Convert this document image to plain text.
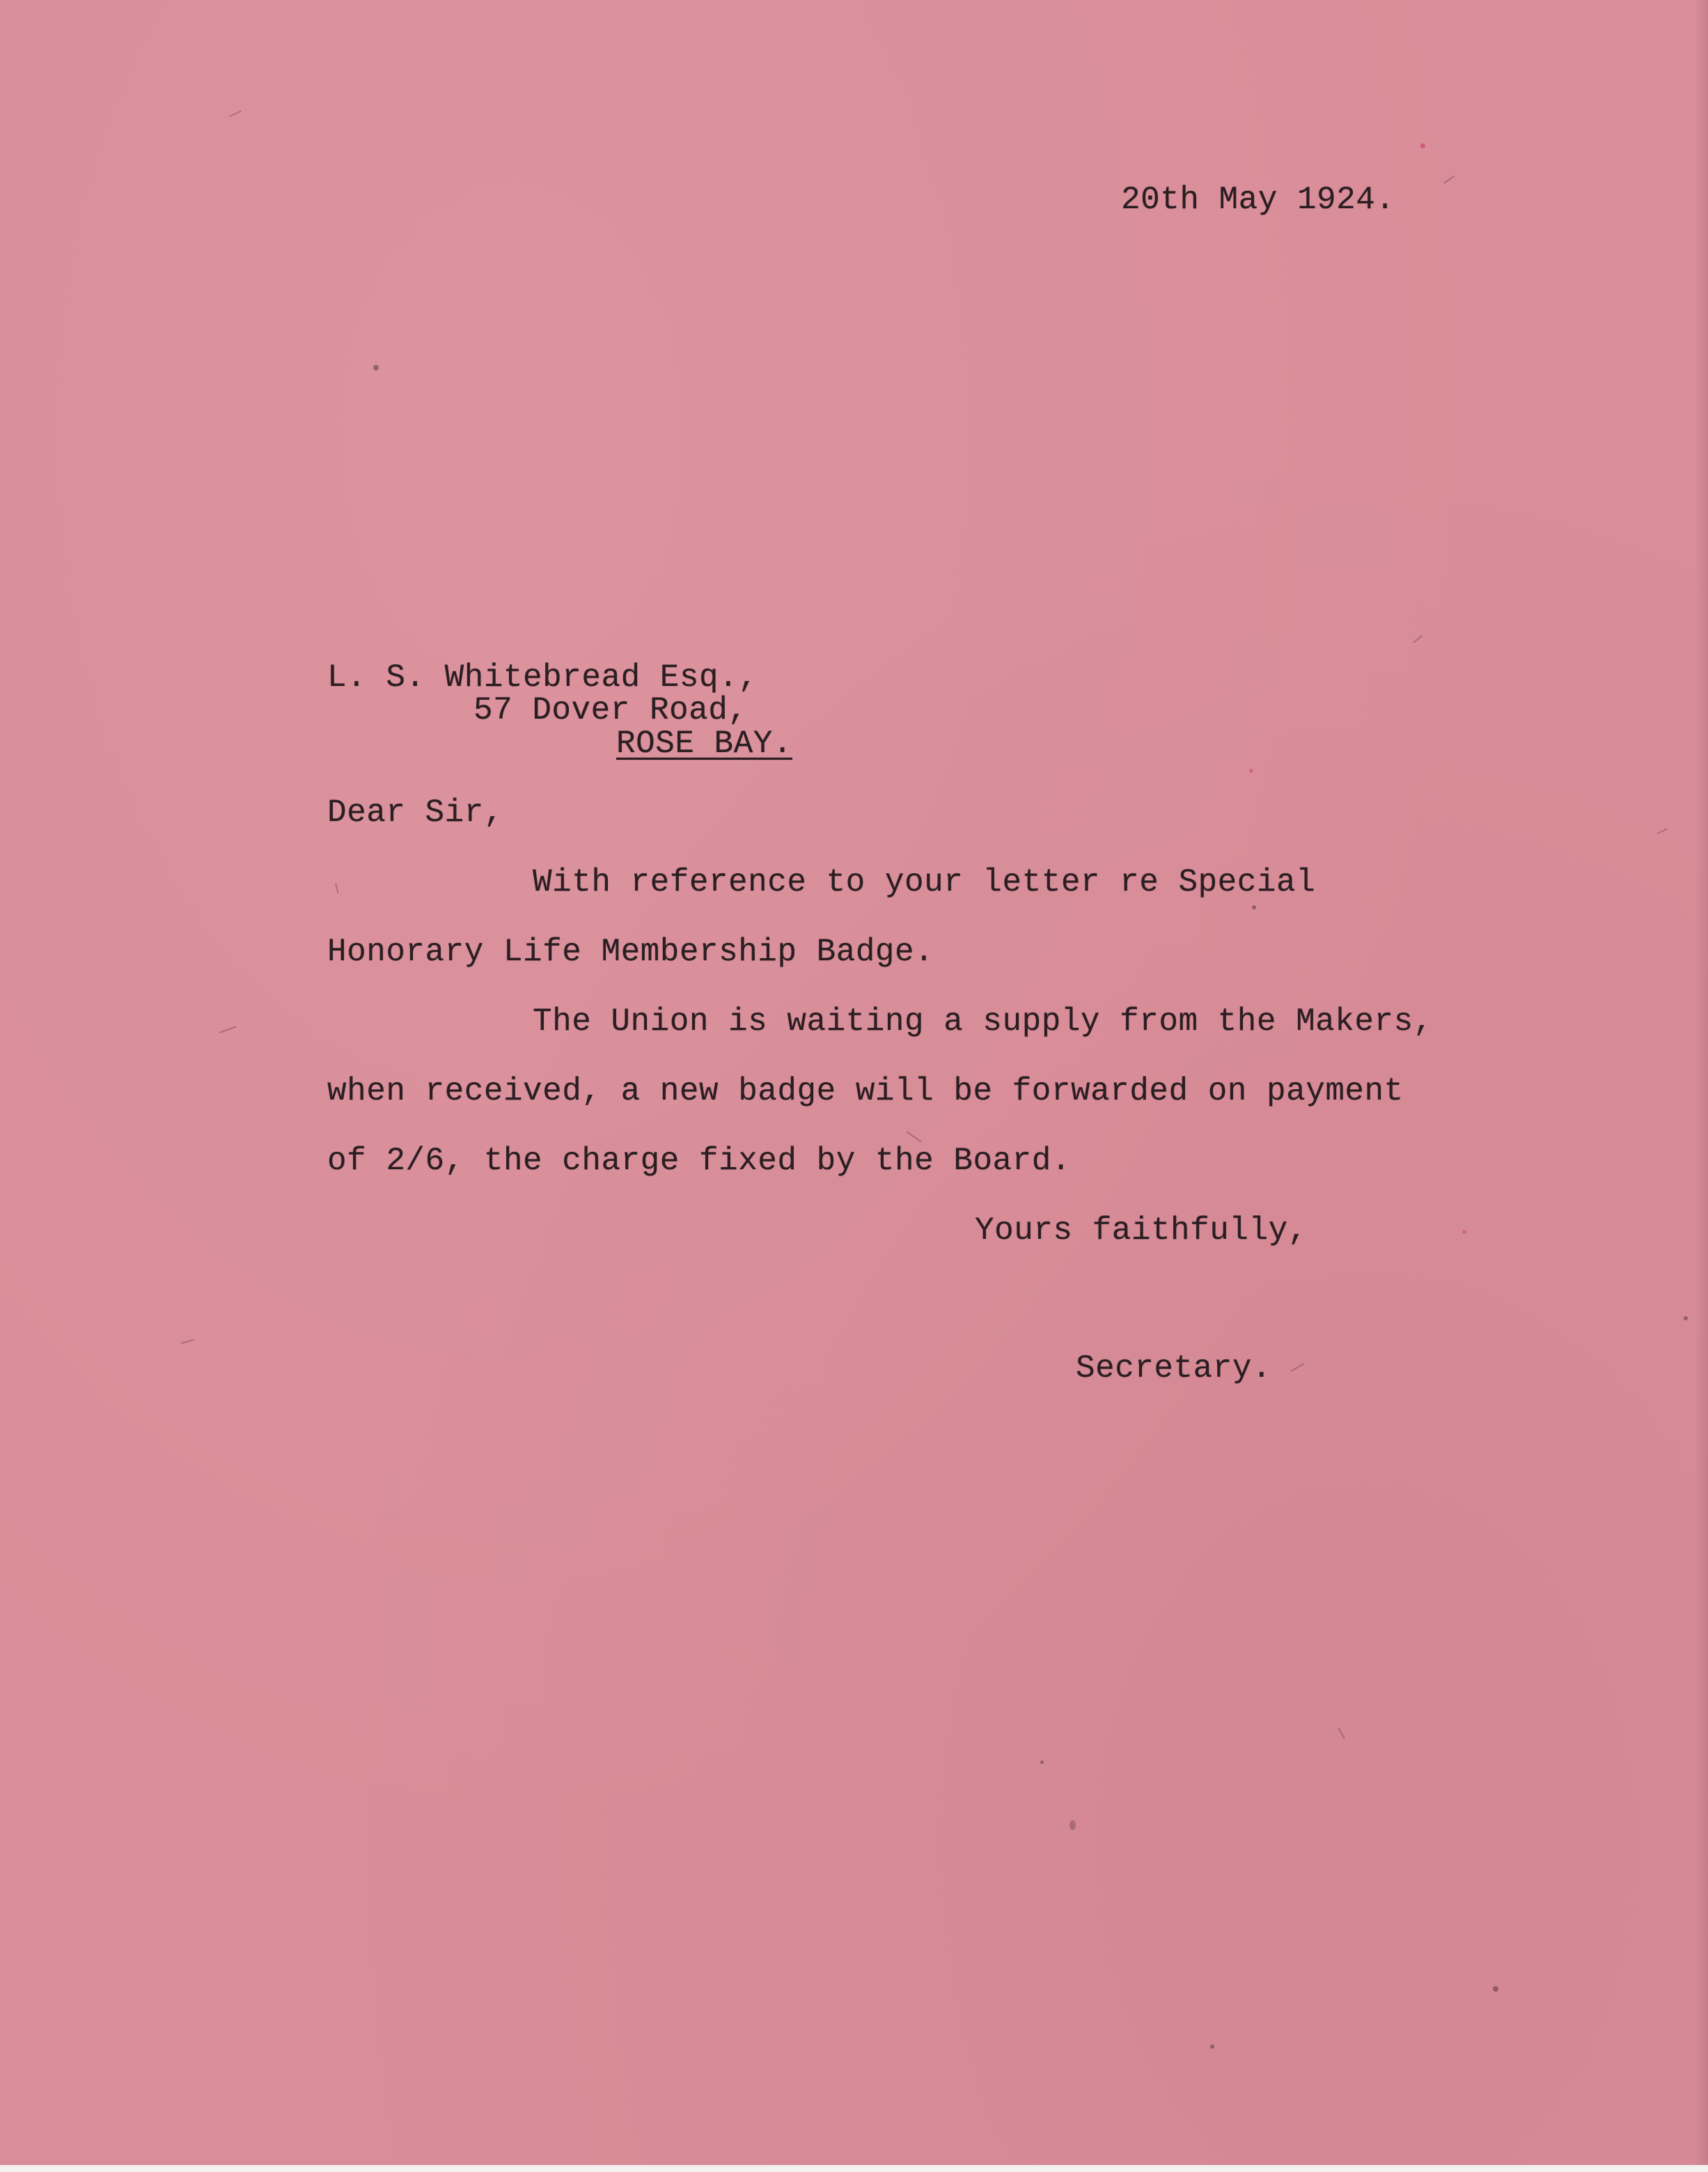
20th May 1924.
L. S. Whitebread Esq.,
57 Dover Road,
ROSE BAY.
Dear Sir,
With reference to your letter re Special
Honorary Life Membership Badge.
The Union is waiting a supply from the Makers,
when received, a new badge will be forwarded on payment
of 2/6, the charge fixed by the Board.
Yours faithfully,
Secretary.
